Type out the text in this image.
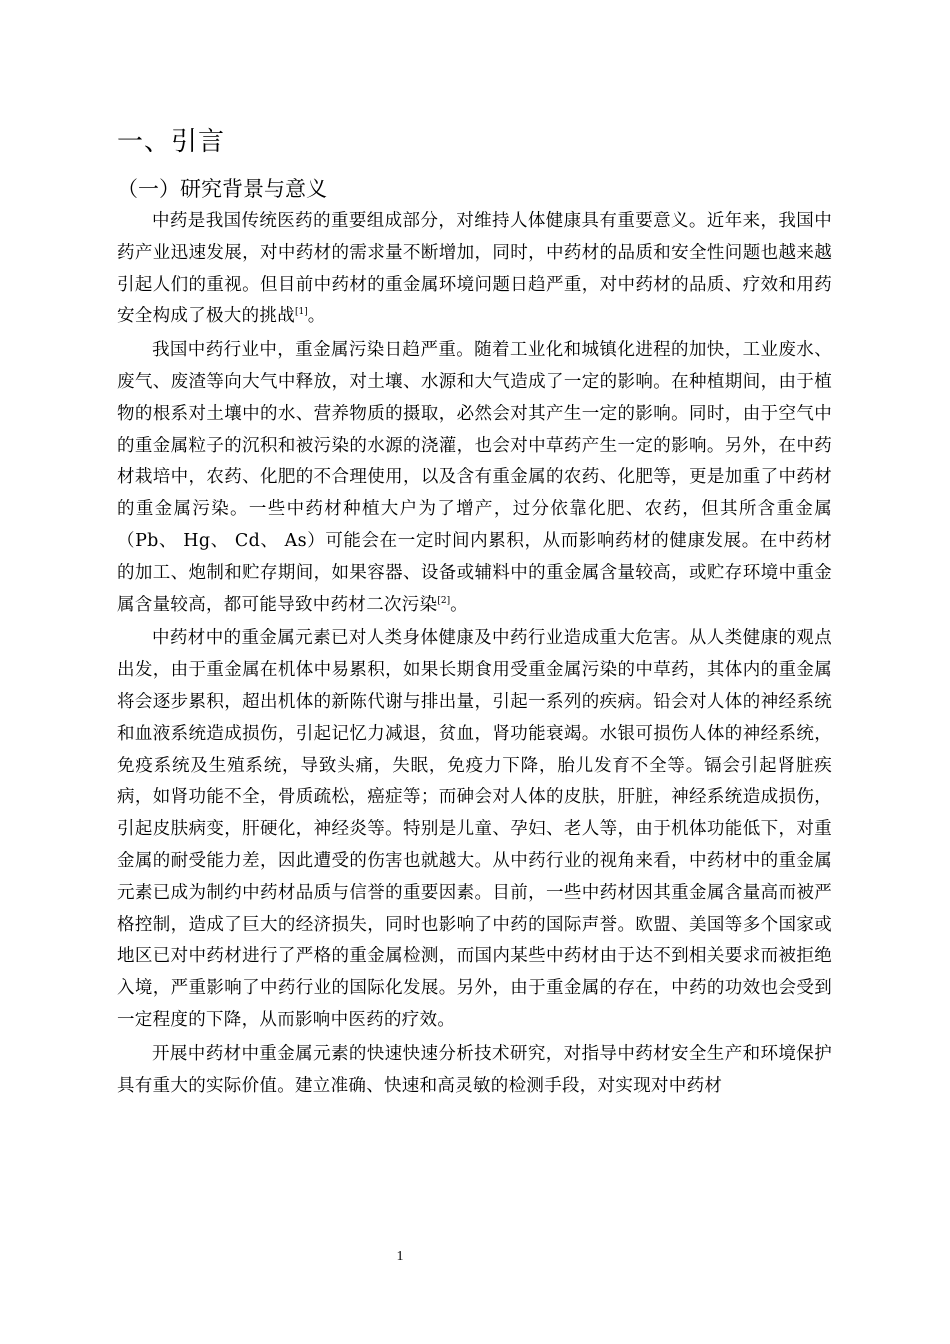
一、引言
（一）研究背景与意义

中药是我国传统医药的重要组成部分，对维持人体健康具有重要意义。近年来，我国中药产业迅速发展，对中药材的需求量不断增加，同时，中药材的品质和安全性问题也越来越引起人们的重视。但目前中药材的重金属环境问题日趋严重，对中药材的品质、疗效和用药安全构成了极大的挑战[1]。

我国中药行业中，重金属污染日趋严重。随着工业化和城镇化进程的加快，工业废水、废气、废渣等向大气中释放，对土壤、水源和大气造成了一定的影响。在种植期间，由于植物的根系对土壤中的水、营养物质的摄取，必然会对其产生一定的影响。同时，由于空气中的重金属粒子的沉积和被污染的水源的浇灌，也会对中草药产生一定的影响。另外，在中药材栽培中，农药、化肥的不合理使用，以及含有重金属的农药、化肥等，更是加重了中药材的重金属污染。一些中药材种植大户为了增产，过分依靠化肥、农药，但其所含重金属（Pb、 Hg、 Cd、 As）可能会在一定时间内累积，从而影响药材的健康发展。在中药材的加工、炮制和贮存期间，如果容器、设备或辅料中的重金属含量较高，或贮存环境中重金属含量较高，都可能导致中药材二次污染[2]。

中药材中的重金属元素已对人类身体健康及中药行业造成重大危害。从人类健康的观点出发，由于重金属在机体中易累积，如果长期食用受重金属污染的中草药，其体内的重金属将会逐步累积，超出机体的新陈代谢与排出量，引起一系列的疾病。铅会对人体的神经系统和血液系统造成损伤，引起记忆力减退，贫血，肾功能衰竭。水银可损伤人体的神经系统，免疫系统及生殖系统，导致头痛，失眠，免疫力下降，胎儿发育不全等。镉会引起肾脏疾病，如肾功能不全，骨质疏松，癌症等；而砷会对人体的皮肤，肝脏，神经系统造成损伤，引起皮肤病变，肝硬化，神经炎等。特别是儿童、孕妇、老人等，由于机体功能低下，对重金属的耐受能力差，因此遭受的伤害也就越大。从中药行业的视角来看，中药材中的重金属元素已成为制约中药材品质与信誉的重要因素。目前，一些中药材因其重金属含量高而被严格控制，造成了巨大的经济损失，同时也影响了中药的国际声誉。欧盟、美国等多个国家或地区已对中药材进行了严格的重金属检测，而国内某些中药材由于达不到相关要求而被拒绝入境，严重影响了中药行业的国际化发展。另外，由于重金属的存在，中药的功效也会受到一定程度的下降，从而影响中医药的疗效。

开展中药材中重金属元素的快速快速分析技术研究，对指导中药材安全生产和环境保护具有重大的实际价值。建立准确、快速和高灵敏的检测手段，对实现对中药材

1
